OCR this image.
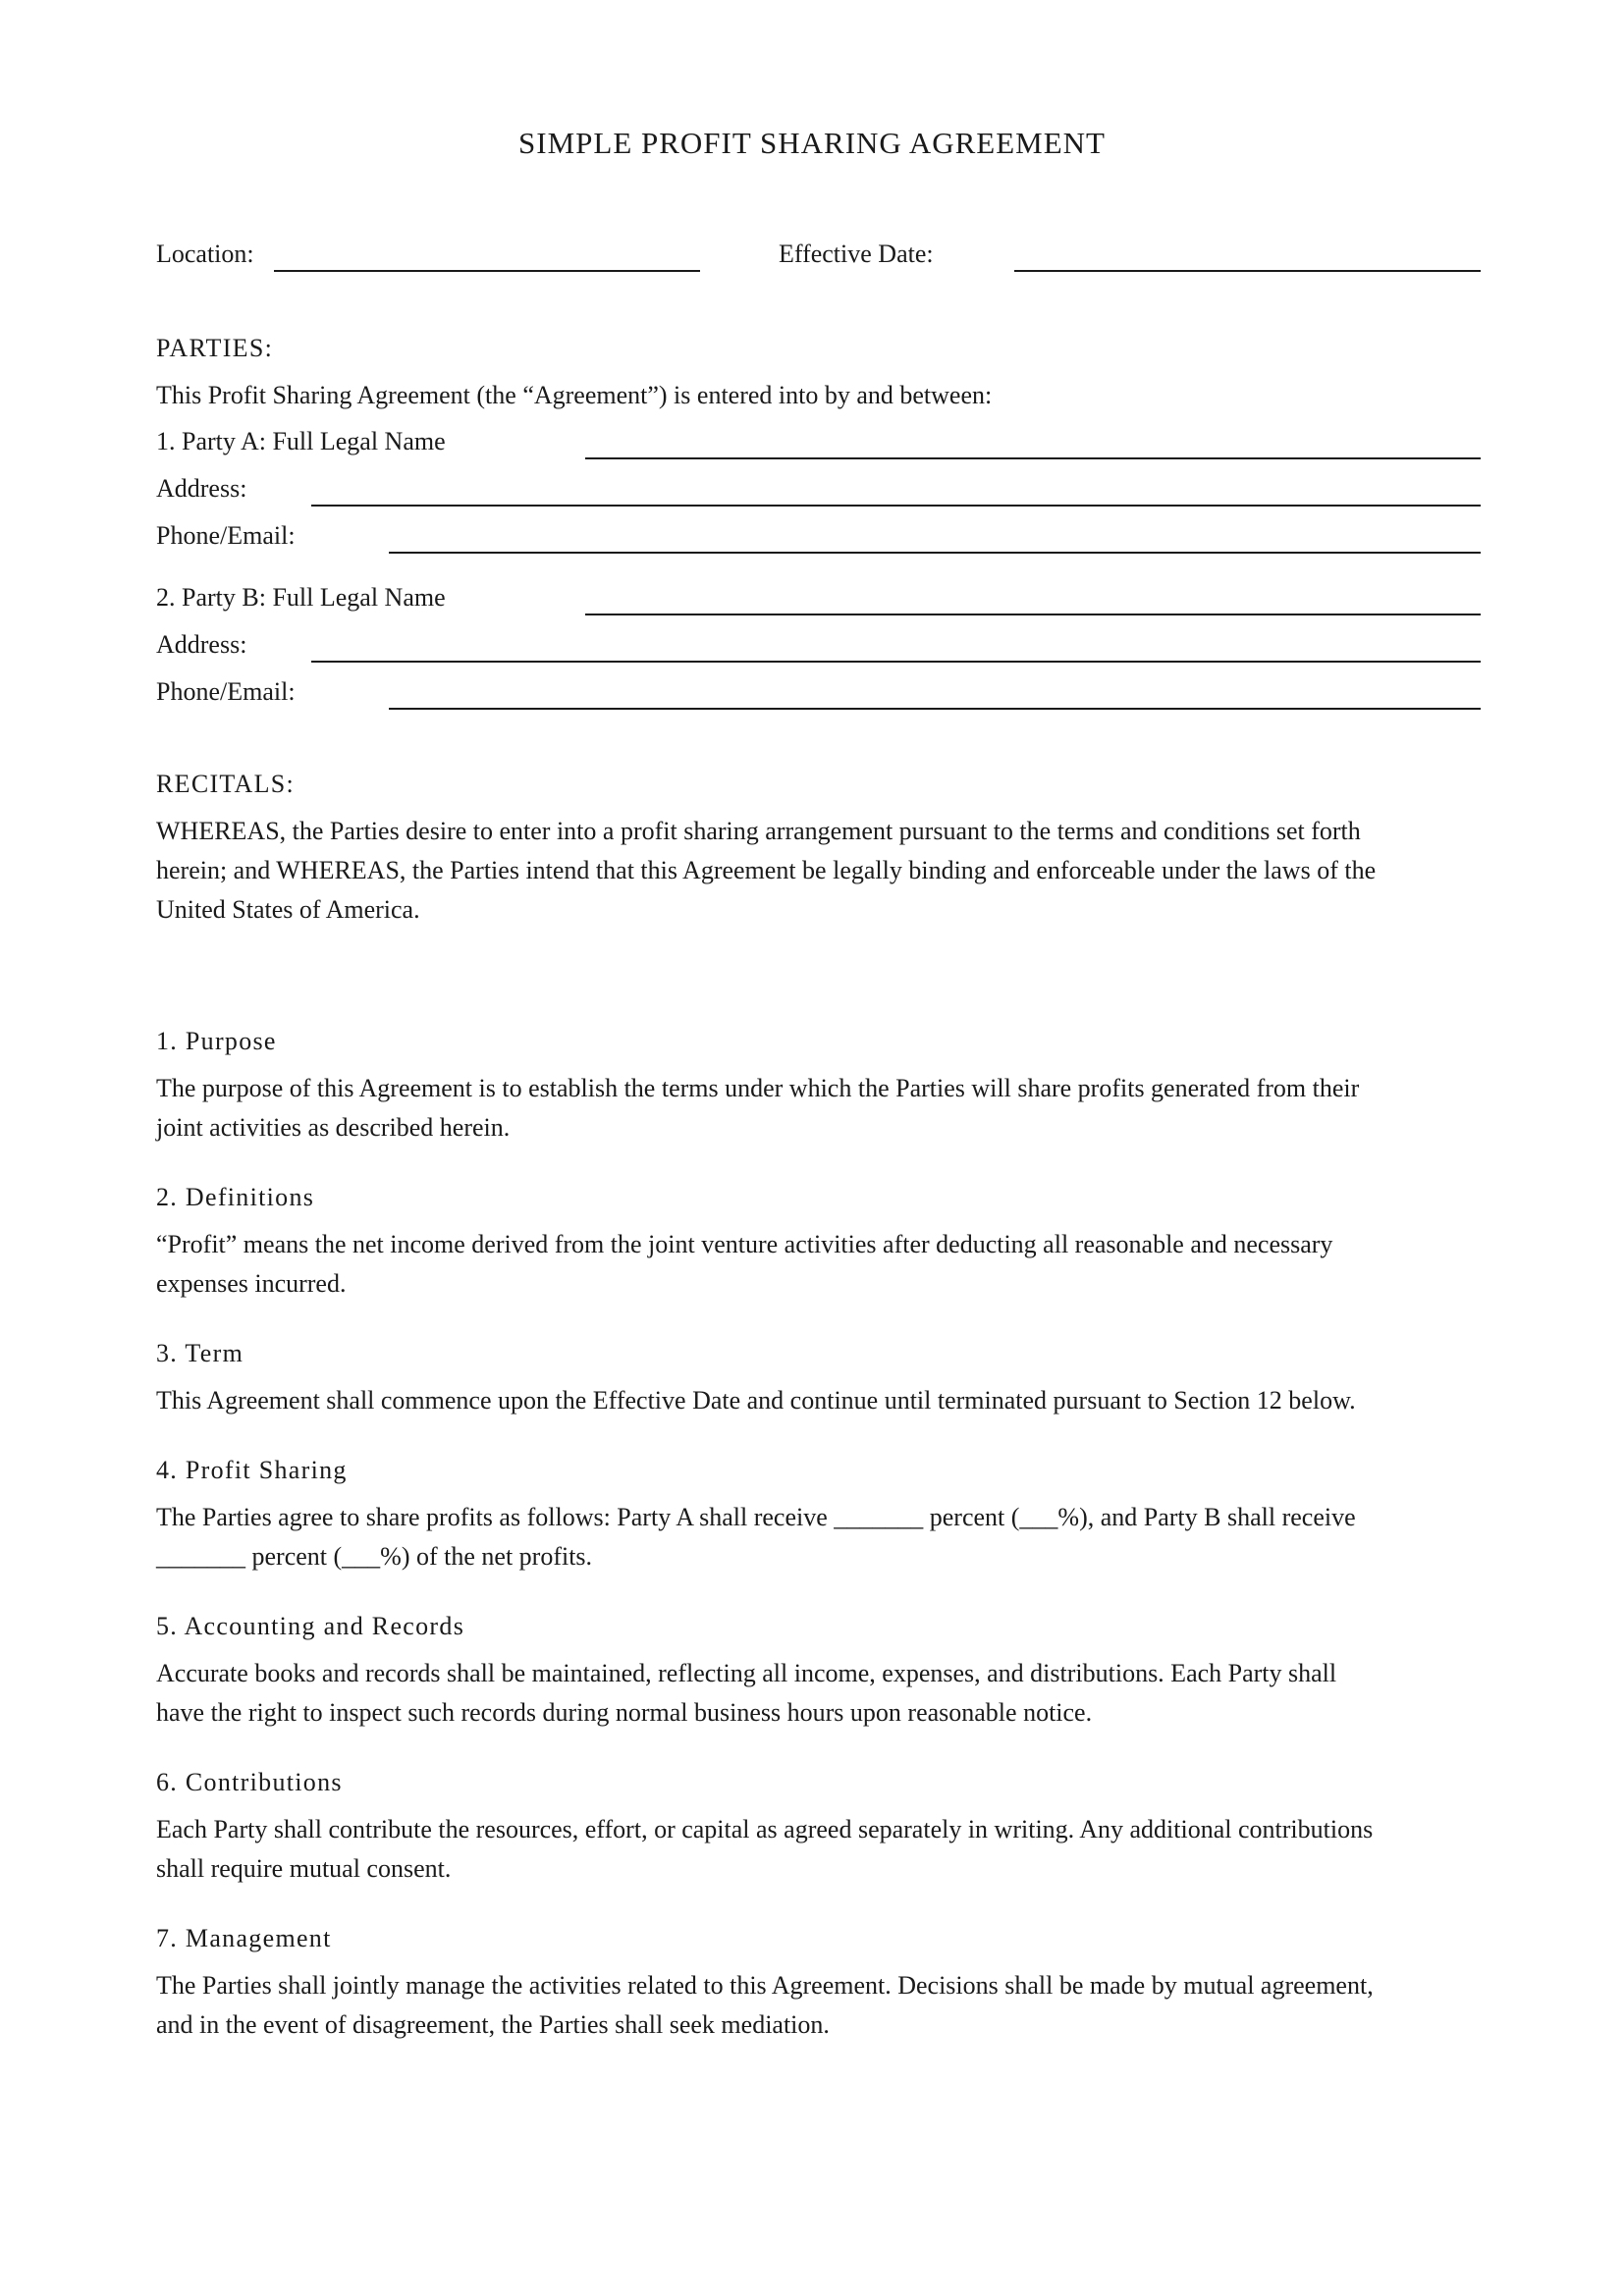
SIMPLE PROFIT SHARING AGREEMENT
Location:	Effective Date:
PARTIES:
This Profit Sharing Agreement (the “Agreement”) is entered into by and between:
1. Party A: Full Legal Name
Address:
Phone/Email:
2. Party B: Full Legal Name
Address:
Phone/Email:
RECITALS:
WHEREAS, the Parties desire to enter into a profit sharing arrangement pursuant to the terms and conditions set forth
herein; and WHEREAS, the Parties intend that this Agreement be legally binding and enforceable under the laws of the
United States of America.
1. Purpose
The purpose of this Agreement is to establish the terms under which the Parties will share profits generated from their
joint activities as described herein.
2. Definitions
“Profit” means the net income derived from the joint venture activities after deducting all reasonable and necessary
expenses incurred.
3. Term
This Agreement shall commence upon the Effective Date and continue until terminated pursuant to Section 12 below.
4. Profit Sharing
The Parties agree to share profits as follows: Party A shall receive _______ percent (___%), and Party B shall receive
_______ percent (___%) of the net profits.
5. Accounting and Records
Accurate books and records shall be maintained, reflecting all income, expenses, and distributions. Each Party shall
have the right to inspect such records during normal business hours upon reasonable notice.
6. Contributions
Each Party shall contribute the resources, effort, or capital as agreed separately in writing. Any additional contributions
shall require mutual consent.
7. Management
The Parties shall jointly manage the activities related to this Agreement. Decisions shall be made by mutual agreement,
and in the event of disagreement, the Parties shall seek mediation.
